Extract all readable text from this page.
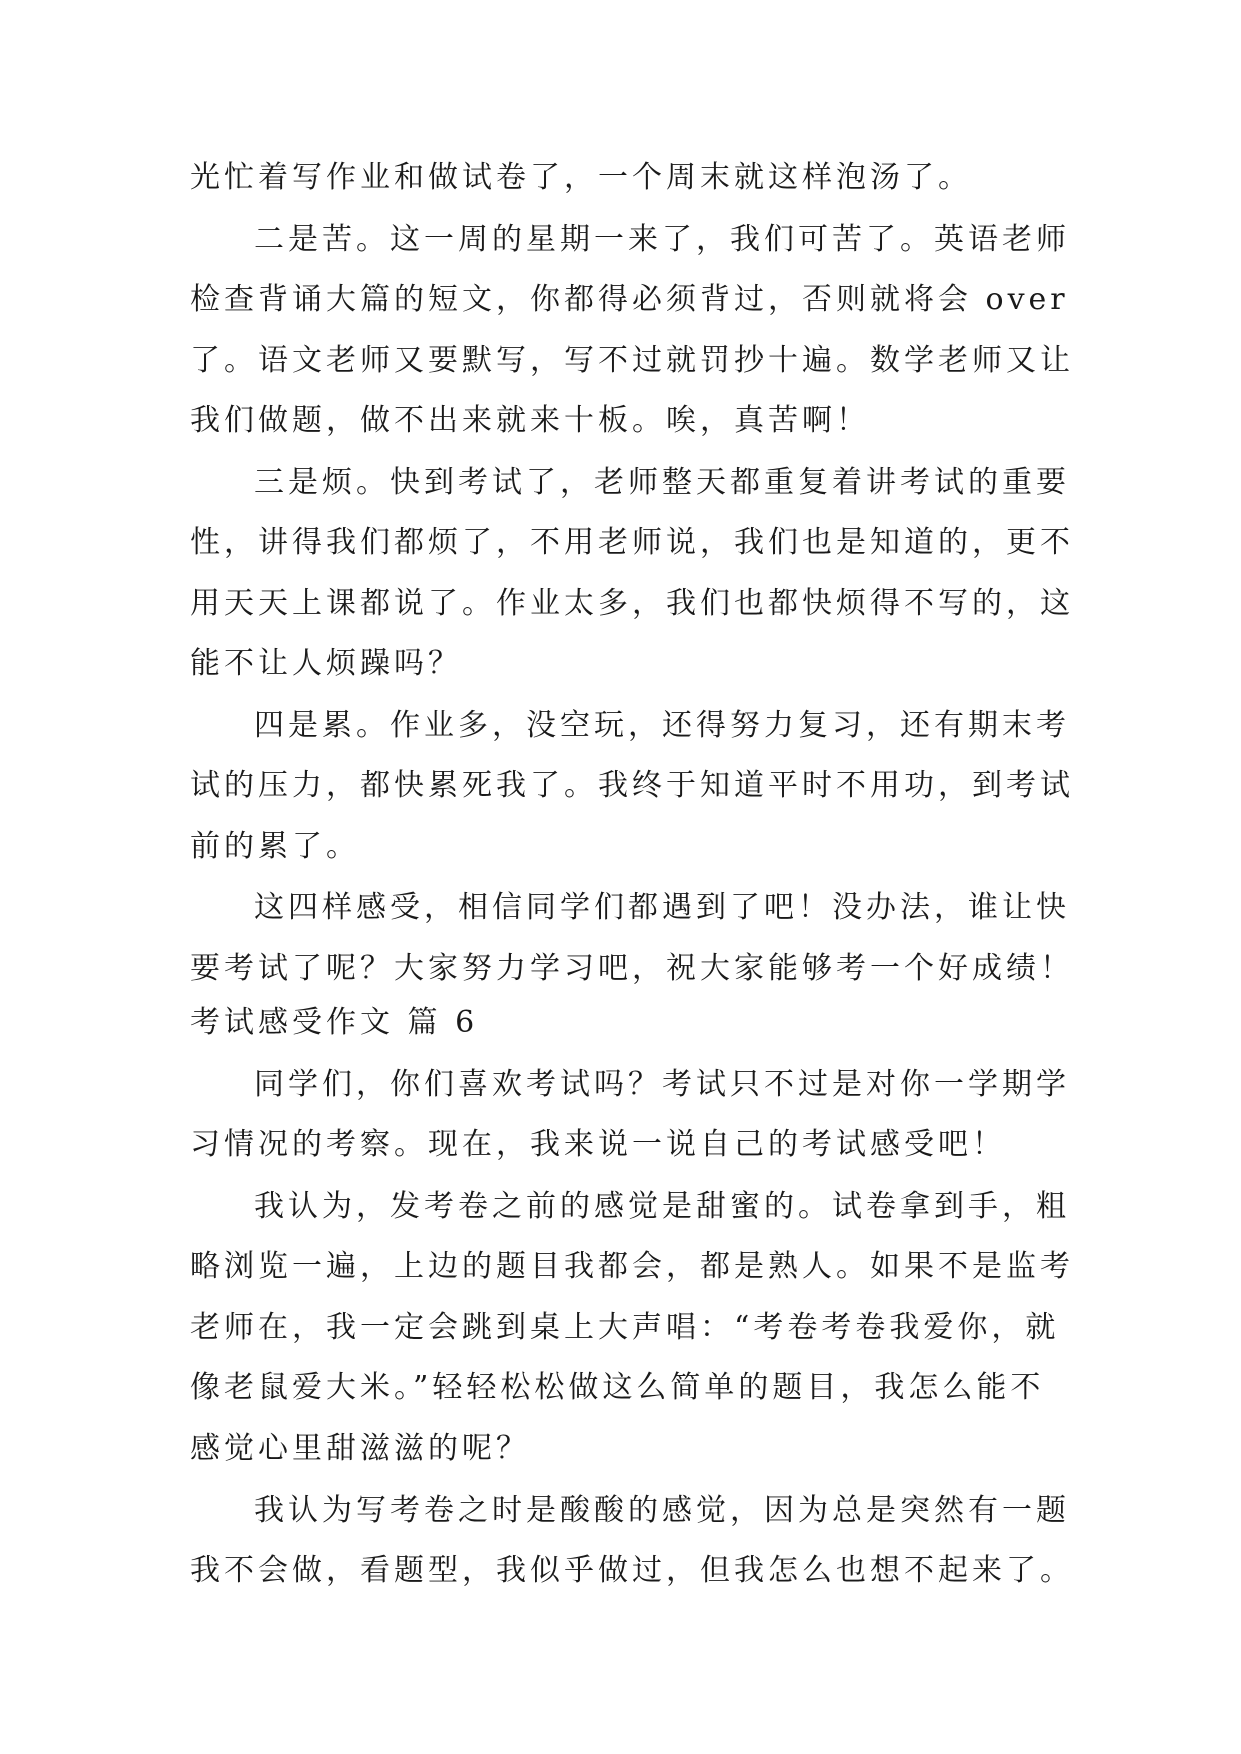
光忙着写作业和做试卷了，一个周末就这样泡汤了。
二是苦。这一周的星期一来了，我们可苦了。英语老师
检查背诵大篇的短文，你都得必须背过，否则就将会 over
了。语文老师又要默写，写不过就罚抄十遍。数学老师又让
我们做题，做不出来就来十板。唉，真苦啊！
三是烦。快到考试了，老师整天都重复着讲考试的重要
性，讲得我们都烦了，不用老师说，我们也是知道的，更不
用天天上课都说了。作业太多，我们也都快烦得不写的，这
能不让人烦躁吗？
四是累。作业多，没空玩，还得努力复习，还有期末考
试的压力，都快累死我了。我终于知道平时不用功，到考试
前的累了。
这四样感受，相信同学们都遇到了吧！没办法，谁让快
要考试了呢？大家努力学习吧，祝大家能够考一个好成绩！
考试感受作文 篇 6
同学们，你们喜欢考试吗？考试只不过是对你一学期学
习情况的考察。现在，我来说一说自己的考试感受吧！
我认为，发考卷之前的感觉是甜蜜的。试卷拿到手，粗
略浏览一遍，上边的题目我都会，都是熟人。如果不是监考
老师在，我一定会跳到桌上大声唱：“考卷考卷我爱你，就
像老鼠爱大米。”轻轻松松做这么简单的题目，我怎么能不
感觉心里甜滋滋的呢？
我认为写考卷之时是酸酸的感觉，因为总是突然有一题
我不会做，看题型，我似乎做过，但我怎么也想不起来了。
